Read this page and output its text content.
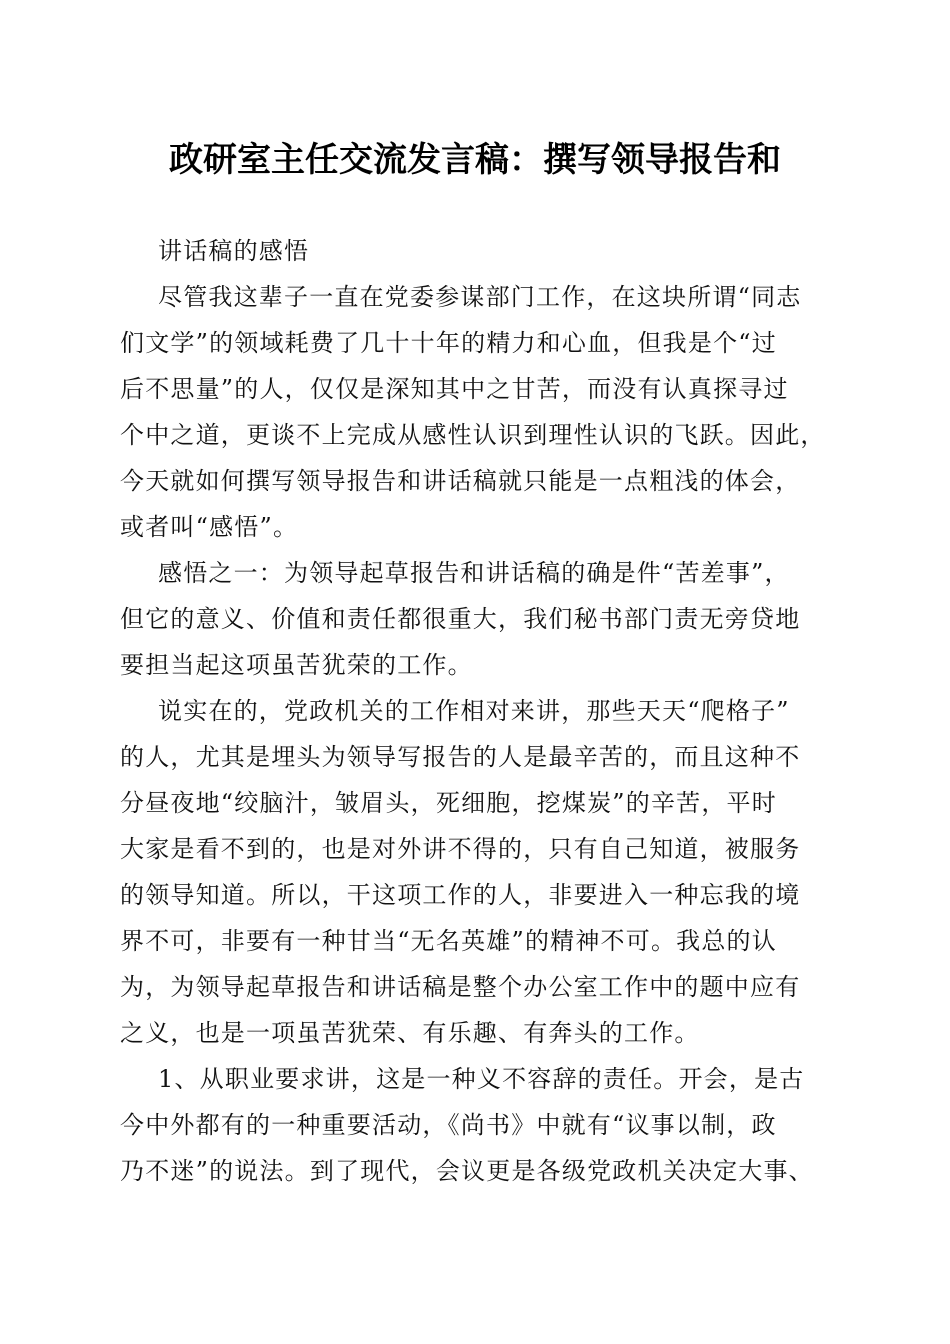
政研室主任交流发言稿：撰写领导报告和
讲话稿的感悟
尽管我这辈子一直在党委参谋部门工作，在这块所谓“同志
们文学”的领域耗费了几十十年的精力和心血，但我是个“过
后不思量”的人，仅仅是深知其中之甘苦，而没有认真探寻过
个中之道，更谈不上完成从感性认识到理性认识的飞跃。因此，
今天就如何撰写领导报告和讲话稿就只能是一点粗浅的体会，
或者叫“感悟”。
感悟之一：为领导起草报告和讲话稿的确是件“苦差事”，
但它的意义、价值和责任都很重大，我们秘书部门责无旁贷地
要担当起这项虽苦犹荣的工作。
说实在的，党政机关的工作相对来讲，那些天天“爬格子”
的人，尤其是埋头为领导写报告的人是最辛苦的，而且这种不
分昼夜地“绞脑汁，皱眉头，死细胞，挖煤炭”的辛苦，平时
大家是看不到的，也是对外讲不得的，只有自己知道，被服务
的领导知道。所以，干这项工作的人，非要进入一种忘我的境
界不可，非要有一种甘当“无名英雄”的精神不可。我总的认
为，为领导起草报告和讲话稿是整个办公室工作中的题中应有
之义，也是一项虽苦犹荣、有乐趣、有奔头的工作。
1、从职业要求讲，这是一种义不容辞的责任。开会，是古
今中外都有的一种重要活动，《尚书》中就有“议事以制，政
乃不迷”的说法。到了现代，会议更是各级党政机关决定大事、
